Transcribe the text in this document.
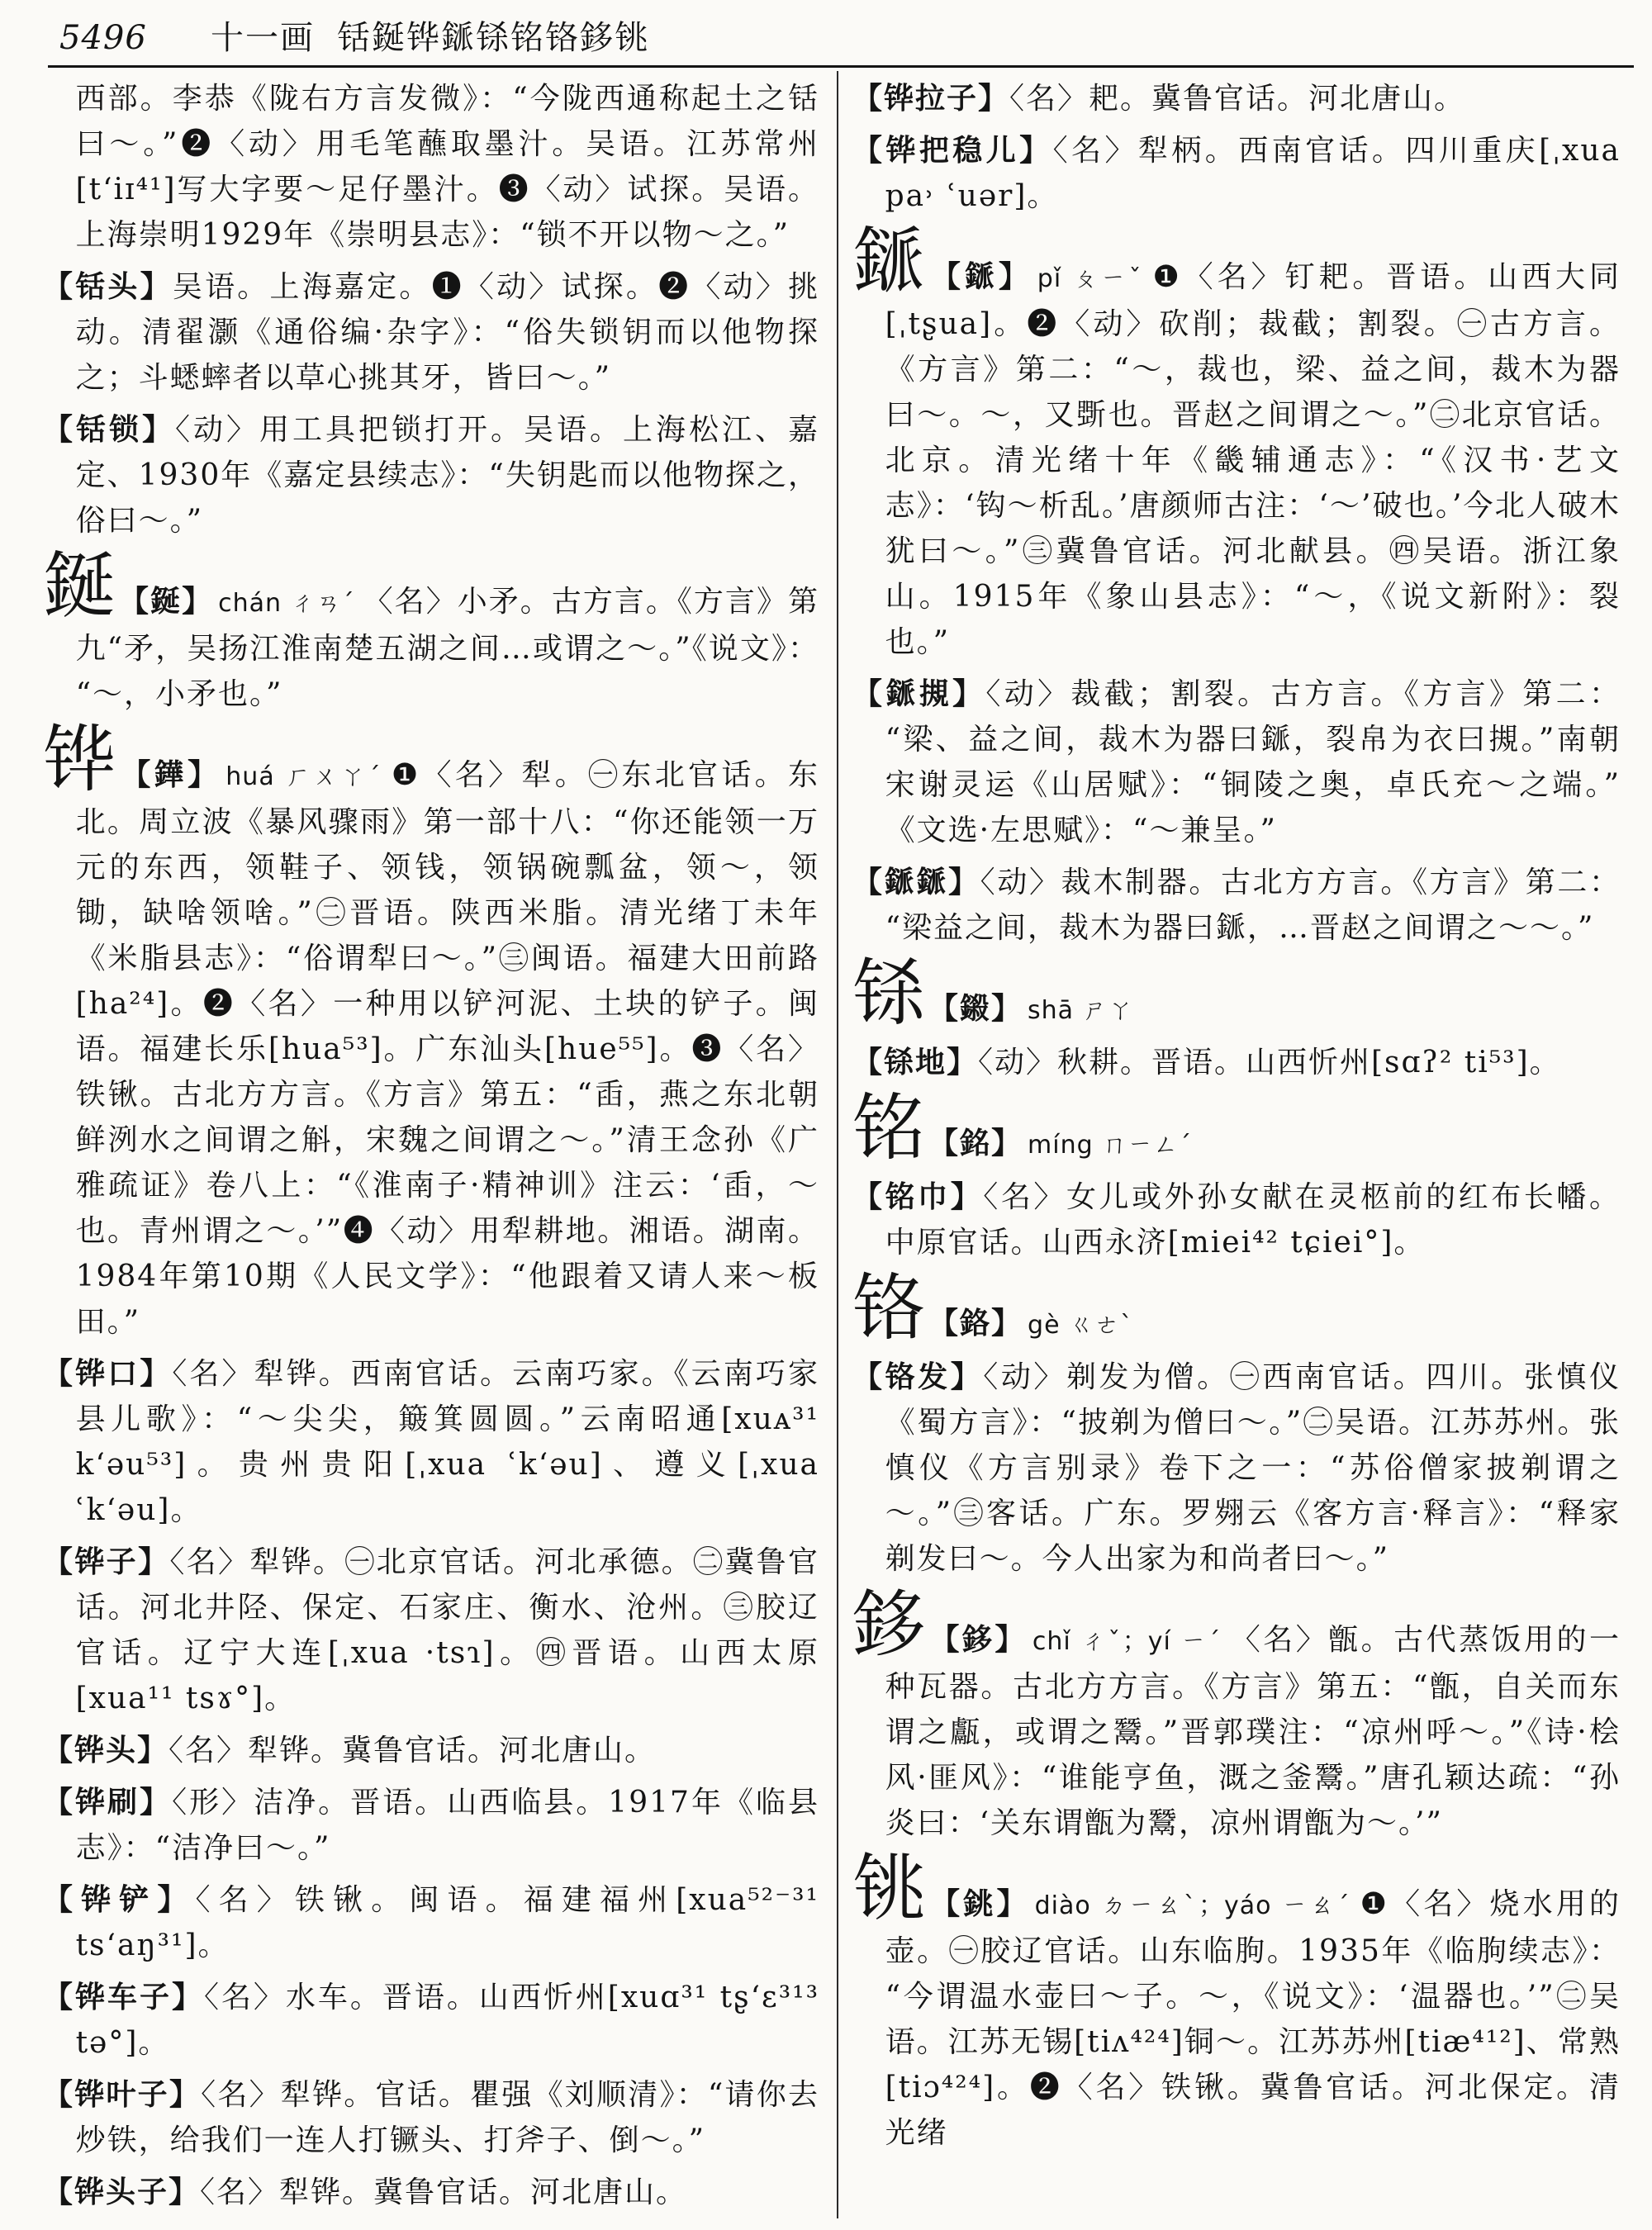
5496 十一画 铦鋋铧鎃铩铭铬鉹铫

西部。李恭《陇右方言发微》：“今陇西通称起土之铦曰～。”❷〈动〉用毛笔蘸取墨汁。吴语。江苏常州[tʻiɪ⁴¹]写大字要～足仔墨汁。❸〈动〉试探。吴语。上海崇明1929年《崇明县志》：“锁不开以物～之。”

【铦头】吴语。上海嘉定。❶〈动〉试探。❷〈动〉挑动。清翟灏《通俗编·杂字》：“俗失锁钥而以他物探之；斗蟋蟀者以草心挑其牙，皆曰～。”

【铦锁】〈动〉用工具把锁打开。吴语。上海松江、嘉定、1930年《嘉定县续志》：“失钥匙而以他物探之，俗曰～。”

鋋 【鋋】 chán ㄔㄢˊ 〈名〉小矛。古方言。《方言》第九“矛，吴扬江淮南楚五湖之间…或谓之～。”《说文》：“～，小矛也。”

铧 【鏵】 huá ㄏㄨㄚˊ ❶〈名〉犁。㊀东北官话。东北。周立波《暴风骤雨》第一部十八：“你还能领一万元的东西，领鞋子、领钱，领锅碗瓢盆，领～，领锄，缺啥领啥。”㊁晋语。陕西米脂。清光绪丁未年《米脂县志》：“俗谓犁曰～。”㊂闽语。福建大田前路[ha²⁴]。❷〈名〉一种用以铲河泥、土块的铲子。闽语。福建长乐[hua⁵³]。广东汕头[hue⁵⁵]。❸〈名〉铁锹。古北方方言。《方言》第五：“臿，燕之东北朝鲜洌水之间谓之斛，宋魏之间谓之～。”清王念孙《广雅疏证》卷八上：“《淮南子·精神训》注云：‘臿，～也。青州谓之～。’”❹〈动〉用犁耕地。湘语。湖南。1984年第10期《人民文学》：“他跟着又请人来～板田。”

【铧口】〈名〉犁铧。西南官话。云南巧家。《云南巧家县儿歌》：“～尖尖，簸箕圆圆。”云南昭通[xuᴀ³¹ kʻəu⁵³]。贵州贵阳[ˌxua ʿkʻəu]、遵义[ˌxua ʿkʻəu]。

【铧子】〈名〉犁铧。㊀北京官话。河北承德。㊁冀鲁官话。河北井陉、保定、石家庄、衡水、沧州。㊂胶辽官话。辽宁大连[ˌxua ·tsɿ]。㊃晋语。山西太原[xua¹¹ tsɤ°]。

【铧头】〈名〉犁铧。冀鲁官话。河北唐山。

【铧刷】〈形〉洁净。晋语。山西临县。1917年《临县志》：“洁净曰～。”

【铧铲】〈名〉铁锹。闽语。福建福州[xua⁵²⁻³¹ tsʻaŋ³¹]。

【铧车子】〈名〉水车。晋语。山西忻州[xuɑ³¹ tʂʻɛ³¹³ tə°]。

【铧叶子】〈名〉犁铧。官话。瞿强《刘顺清》：“请你去炒铁，给我们一连人打镢头、打斧子、倒～。”

【铧头子】〈名〉犁铧。冀鲁官话。河北唐山。

【铧拉子】〈名〉耙。冀鲁官话。河北唐山。

【铧把稳儿】〈名〉犁柄。西南官话。四川重庆[ˌxua pa˒ ʿuər]。

鎃 【鎃】 pǐ ㄆㄧˇ ❶〈名〉钉耙。晋语。山西大同[ˌtʂua]。❷〈动〉砍削；裁截；割裂。㊀古方言。《方言》第二：“～，裁也，梁、益之间，裁木为器曰～。～，又斲也。晋赵之间谓之～。”㊁北京官话。北京。清光绪十年《畿辅通志》：“《汉书·艺文志》：‘钩～析乱。’唐颜师古注：‘～’破也。’今北人破木犹曰～。”㊂冀鲁官话。河北献县。㊃吴语。浙江象山。1915年《象山县志》：“～，《说文新附》：裂也。”

【鎃摫】〈动〉裁截；割裂。古方言。《方言》第二：“梁、益之间，裁木为器曰鎃，裂帛为衣曰摫。”南朝宋谢灵运《山居赋》：“铜陵之奥，卓氏充～之端。”《文选·左思赋》：“～兼呈。”

【鎃鎃】〈动〉裁木制器。古北方方言。《方言》第二：“梁益之间，裁木为器曰鎃，…晋赵之间谓之～～。”

铩 【鎩】 shā ㄕㄚ

【铩地】〈动〉秋耕。晋语。山西忻州[sɑʔ² ti⁵³]。

铭 【銘】 míng ㄇㄧㄥˊ

【铭巾】〈名〉女儿或外孙女献在灵柩前的红布长幡。中原官话。山西永济[miei⁴² tɕiei°]。

铬 【鉻】 gè ㄍㄜˋ

【铬发】〈动〉剃发为僧。㊀西南官话。四川。张慎仪《蜀方言》：“披剃为僧曰～。”㊁吴语。江苏苏州。张慎仪《方言别录》卷下之一：“苏俗僧家披剃谓之～。”㊂客话。广东。罗翙云《客方言·释言》：“释家剃发曰～。今人出家为和尚者曰～。”

鉹 【鉹】 chǐ ㄔˇ；yí ㄧˊ 〈名〉甑。古代蒸饭用的一种瓦器。古北方方言。《方言》第五：“甑，自关而东谓之甗，或谓之鬵。”晋郭璞注：“凉州呼～。”《诗·桧风·匪风》：“谁能亨鱼，溉之釜鬵。”唐孔颖达疏：“孙炎曰：‘关东谓甑为鬵，凉州谓甑为～。’”

铫 【銚】 diào ㄉㄧㄠˋ；yáo ㄧㄠˊ ❶〈名〉烧水用的壶。㊀胶辽官话。山东临朐。1935年《临朐续志》：“今谓温水壶曰～子。～，《说文》：‘温器也。’”㊁吴语。江苏无锡[tiʌ⁴²⁴]铜～。江苏苏州[tiæ⁴¹²]、常熟[tiɔ⁴²⁴]。❷〈名〉铁锹。冀鲁官话。河北保定。清光绪
